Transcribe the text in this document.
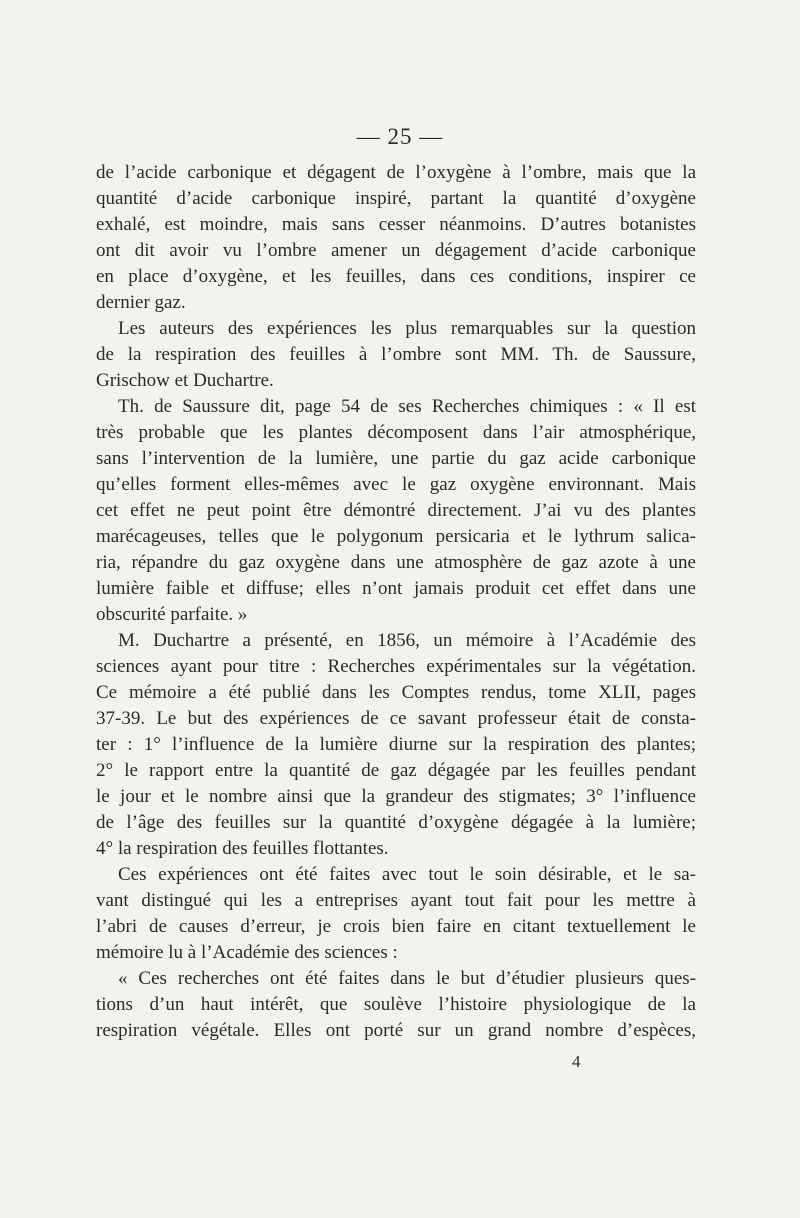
— 25 —
de l’acide carbonique et dégagent de l’oxygène à l’ombre, mais que la
quantité d’acide carbonique inspiré, partant la quantité d’oxygène
exhalé, est moindre, mais sans cesser néanmoins. D’autres botanistes
ont dit avoir vu l’ombre amener un dégagement d’acide carbonique
en place d’oxygène, et les feuilles, dans ces conditions, inspirer ce
dernier gaz.
Les auteurs des expériences les plus remarquables sur la question
de la respiration des feuilles à l’ombre sont MM. Th. de Saussure,
Grischow et Duchartre.
Th. de Saussure dit, page 54 de ses Recherches chimiques : « Il est
très probable que les plantes décomposent dans l’air atmosphérique,
sans l’intervention de la lumière, une partie du gaz acide carbonique
qu’elles forment elles-mêmes avec le gaz oxygène environnant. Mais
cet effet ne peut point être démontré directement. J’ai vu des plantes
marécageuses, telles que le polygonum persicaria et le lythrum salica-
ria, répandre du gaz oxygène dans une atmosphère de gaz azote à une
lumière faible et diffuse; elles n’ont jamais produit cet effet dans une
obscurité parfaite. »
M. Duchartre a présenté, en 1856, un mémoire à l’Académie des
sciences ayant pour titre : Recherches expérimentales sur la végétation.
Ce mémoire a été publié dans les Comptes rendus, tome XLII, pages
37-39. Le but des expériences de ce savant professeur était de consta-
ter : 1° l’influence de la lumière diurne sur la respiration des plantes;
2° le rapport entre la quantité de gaz dégagée par les feuilles pendant
le jour et le nombre ainsi que la grandeur des stigmates; 3° l’influence
de l’âge des feuilles sur la quantité d’oxygène dégagée à la lumière;
4° la respiration des feuilles flottantes.
Ces expériences ont été faites avec tout le soin désirable, et le sa-
vant distingué qui les a entreprises ayant tout fait pour les mettre à
l’abri de causes d’erreur, je crois bien faire en citant textuellement le
mémoire lu à l’Académie des sciences :
« Ces recherches ont été faites dans le but d’étudier plusieurs ques-
tions d’un haut intérêt, que soulève l’histoire physiologique de la
respiration végétale. Elles ont porté sur un grand nombre d’espèces,
4
